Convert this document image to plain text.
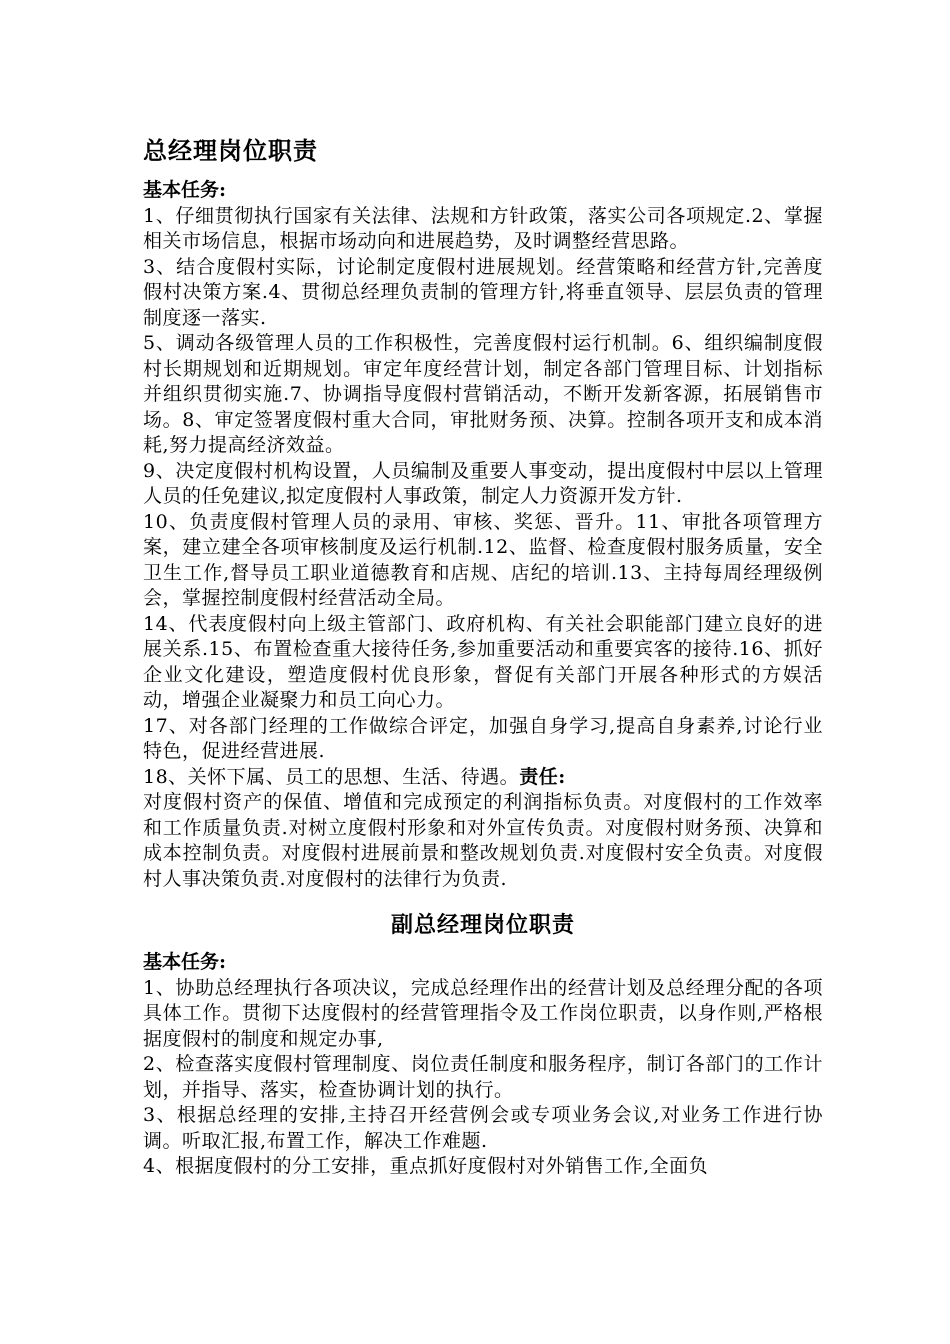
总经理岗位职责
基本任务:

1、仔细贯彻执行国家有关法律、法规和方针政策，落实公司各项规定.2、掌握相关市场信息，根据市场动向和进展趋势，及时调整经营思路。

3、结合度假村实际，讨论制定度假村进展规划。经营策略和经营方针,完善度假村决策方案.4、贯彻总经理负责制的管理方针,将垂直领导、层层负责的管理制度逐一落实.

5、调动各级管理人员的工作积极性，完善度假村运行机制。6、组织编制度假村长期规划和近期规划。审定年度经营计划，制定各部门管理目标、计划指标并组织贯彻实施.7、协调指导度假村营销活动，不断开发新客源，拓展销售市场。8、审定签署度假村重大合同，审批财务预、决算。控制各项开支和成本消耗,努力提高经济效益。

9、决定度假村机构设置，人员编制及重要人事变动，提出度假村中层以上管理人员的任免建议,拟定度假村人事政策，制定人力资源开发方针.

10、负责度假村管理人员的录用、审核、奖惩、晋升。11、审批各项管理方案，建立建全各项审核制度及运行机制.12、监督、检查度假村服务质量，安全卫生工作,督导员工职业道德教育和店规、店纪的培训.13、主持每周经理级例会，掌握控制度假村经营活动全局。

14、代表度假村向上级主管部门、政府机构、有关社会职能部门建立良好的进展关系.15、布置检查重大接待任务,参加重要活动和重要宾客的接待.16、抓好企业文化建设，塑造度假村优良形象，督促有关部门开展各种形式的方娱活动，增强企业凝聚力和员工向心力。

17、对各部门经理的工作做综合评定，加强自身学习,提高自身素养,讨论行业特色，促进经营进展.

18、关怀下属、员工的思想、生活、待遇。责任:

对度假村资产的保值、增值和完成预定的利润指标负责。对度假村的工作效率和工作质量负责.对树立度假村形象和对外宣传负责。对度假村财务预、决算和成本控制负责。对度假村进展前景和整改规划负责.对度假村安全负责。对度假村人事决策负责.对度假村的法律行为负责.

副总经理岗位职责
基本任务:

1、协助总经理执行各项决议，完成总经理作出的经营计划及总经理分配的各项具体工作。贯彻下达度假村的经营管理指令及工作岗位职责，以身作则,严格根据度假村的制度和规定办事,

2、检查落实度假村管理制度、岗位责任制度和服务程序，制订各部门的工作计划，并指导、落实，检查协调计划的执行。

3、根据总经理的安排,主持召开经营例会或专项业务会议,对业务工作进行协调。听取汇报,布置工作，解决工作难题.

4、根据度假村的分工安排，重点抓好度假村对外销售工作,全面负
